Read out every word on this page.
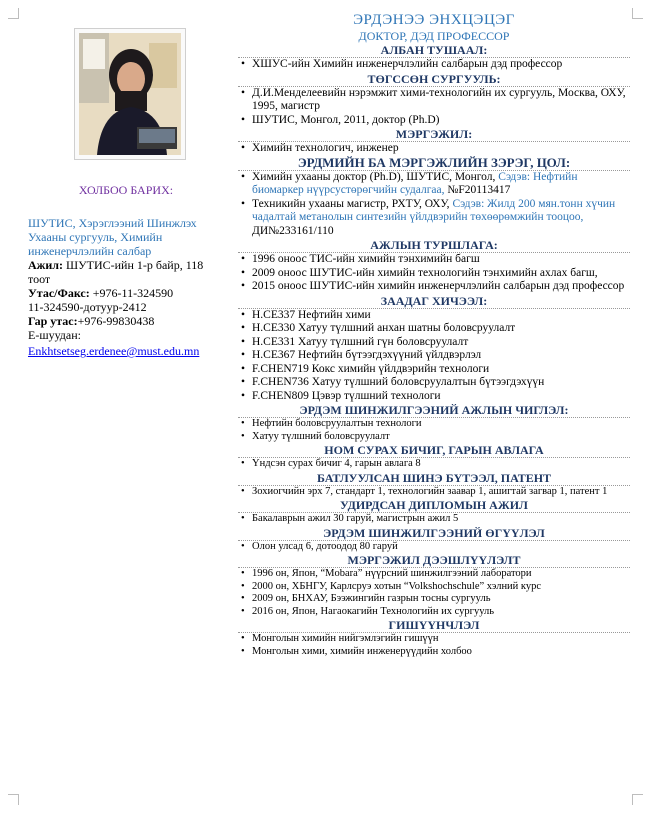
ХОЛБОО БАРИХ:
ШУТИС, Хэрэглээний Шинжлэх Ухааны сургууль, Химийн инженерчлэлийн салбар
Ажил: ШУТИС-ийн 1-р байр, 118 тоот
Утас/Факс: +976-11-324590
11-324590-дотуур-2412
Гар утас:+976-99830438
E-шуудан:
Enkhtsetseg.erdenee@must.edu.mn
ЭРДЭНЭЭ ЭНХЦЭЦЭГ
ДОКТОР, ДЭД ПРОФЕССОР
АЛБАН ТУШААЛ:
• ХШУС-ийн Химийн инженерчлэлийн салбарын дэд профессор
ТӨГССӨН СУРГУУЛЬ:
• Д.И.Менделеевийн нэрэмжит хими-технологийн их сургууль, Москва, ОХУ, 1995, магистр
• ШУТИС, Монгол, 2011, доктор (Ph.D)
МЭРГЭЖИЛ:
• Химийн технологич, инженер
ЭРДМИЙН БА МЭРГЭЖЛИЙН ЗЭРЭГ, ЦОЛ:
• Химийн ухааны доктор (Ph.D), ШУТИС, Монгол, Сэдэв: Нефтийн биомаркер нүүрсустөрөгчийн судалгаа, №F20113417
• Техникийн ухааны магистр, РХТУ, ОХУ, Сэдэв: Жилд 200 мян.тонн хүчин чадалтай метанолын синтезийн үйлдвэрийн төхөөрөмжийн тооцоо, ДИ№233161/110
АЖЛЫН ТУРШЛАГА:
• 1996 оноос ТИС-ийн химийн тэнхимийн багш
• 2009 оноос ШУТИС-ийн химийн технологийн тэнхимийн ахлах багш,
• 2015 оноос ШУТИС-ийн химийн инженерчлэлийн салбарын дэд профессор
ЗААДАГ ХИЧЭЭЛ:
• H.CE337 Нефтийн хими
• H.CE330 Хатуу түлшний анхан шатны боловсруулалт
• H.CE331 Хатуу түлшний гүн боловсруулалт
• H.CE367 Нефтийн бүтээгдэхүүний үйлдвэрлэл
• F.CHEN719 Кокс химийн үйлдвэрийн технологи
• F.CHEN736 Хатуу түлшний боловсруулалтын бүтээгдэхүүн
• F.CHEN809 Цэвэр түлшний технологи
ЭРДЭМ ШИНЖИЛГЭЭНИЙ АЖЛЫН ЧИГЛЭЛ:
• Нефтийн боловсруулалтын технологи
• Хатуу түлшний боловсруулалт
НОМ СУРАХ БИЧИГ, ГАРЫН АВЛАГА
• Үндсэн сурах бичиг 4, гарын авлага 8
БАТЛУУЛСАН ШИНЭ БҮТЭЭЛ, ПАТЕНТ
• Зохиогчийн эрх 7, стандарт 1, технологийн заавар 1, ашигтай загвар 1, патент 1
УДИРДСАН ДИПЛОМЫН АЖИЛ
• Бакалаврын ажил 30 гаруй, магистрын ажил 5
ЭРДЭМ ШИНЖИЛГЭЭНИЙ ӨГҮҮЛЭЛ
• Олон улсад 6, дотоодод 80 гаруй
МЭРГЭЖИЛ ДЭЭШЛҮҮЛЭЛТ
• 1996 он, Япон, “Mobara” нүүрсний шинжилгээний лаборатори
• 2000 он, ХБНГУ, Карлсруэ хотын “Volkshochschule” хэлний курс
• 2009 он, БНХАУ, Бээжингийн газрын тосны сургууль
• 2016 он, Япон, Нагаокагийн Технологийн их сургууль
ГИШҮҮНЧЛЭЛ
• Монголын химийн нийгэмлэгийн гишүүн
• Монголын хими, химийн инженерүүдийн холбоо
